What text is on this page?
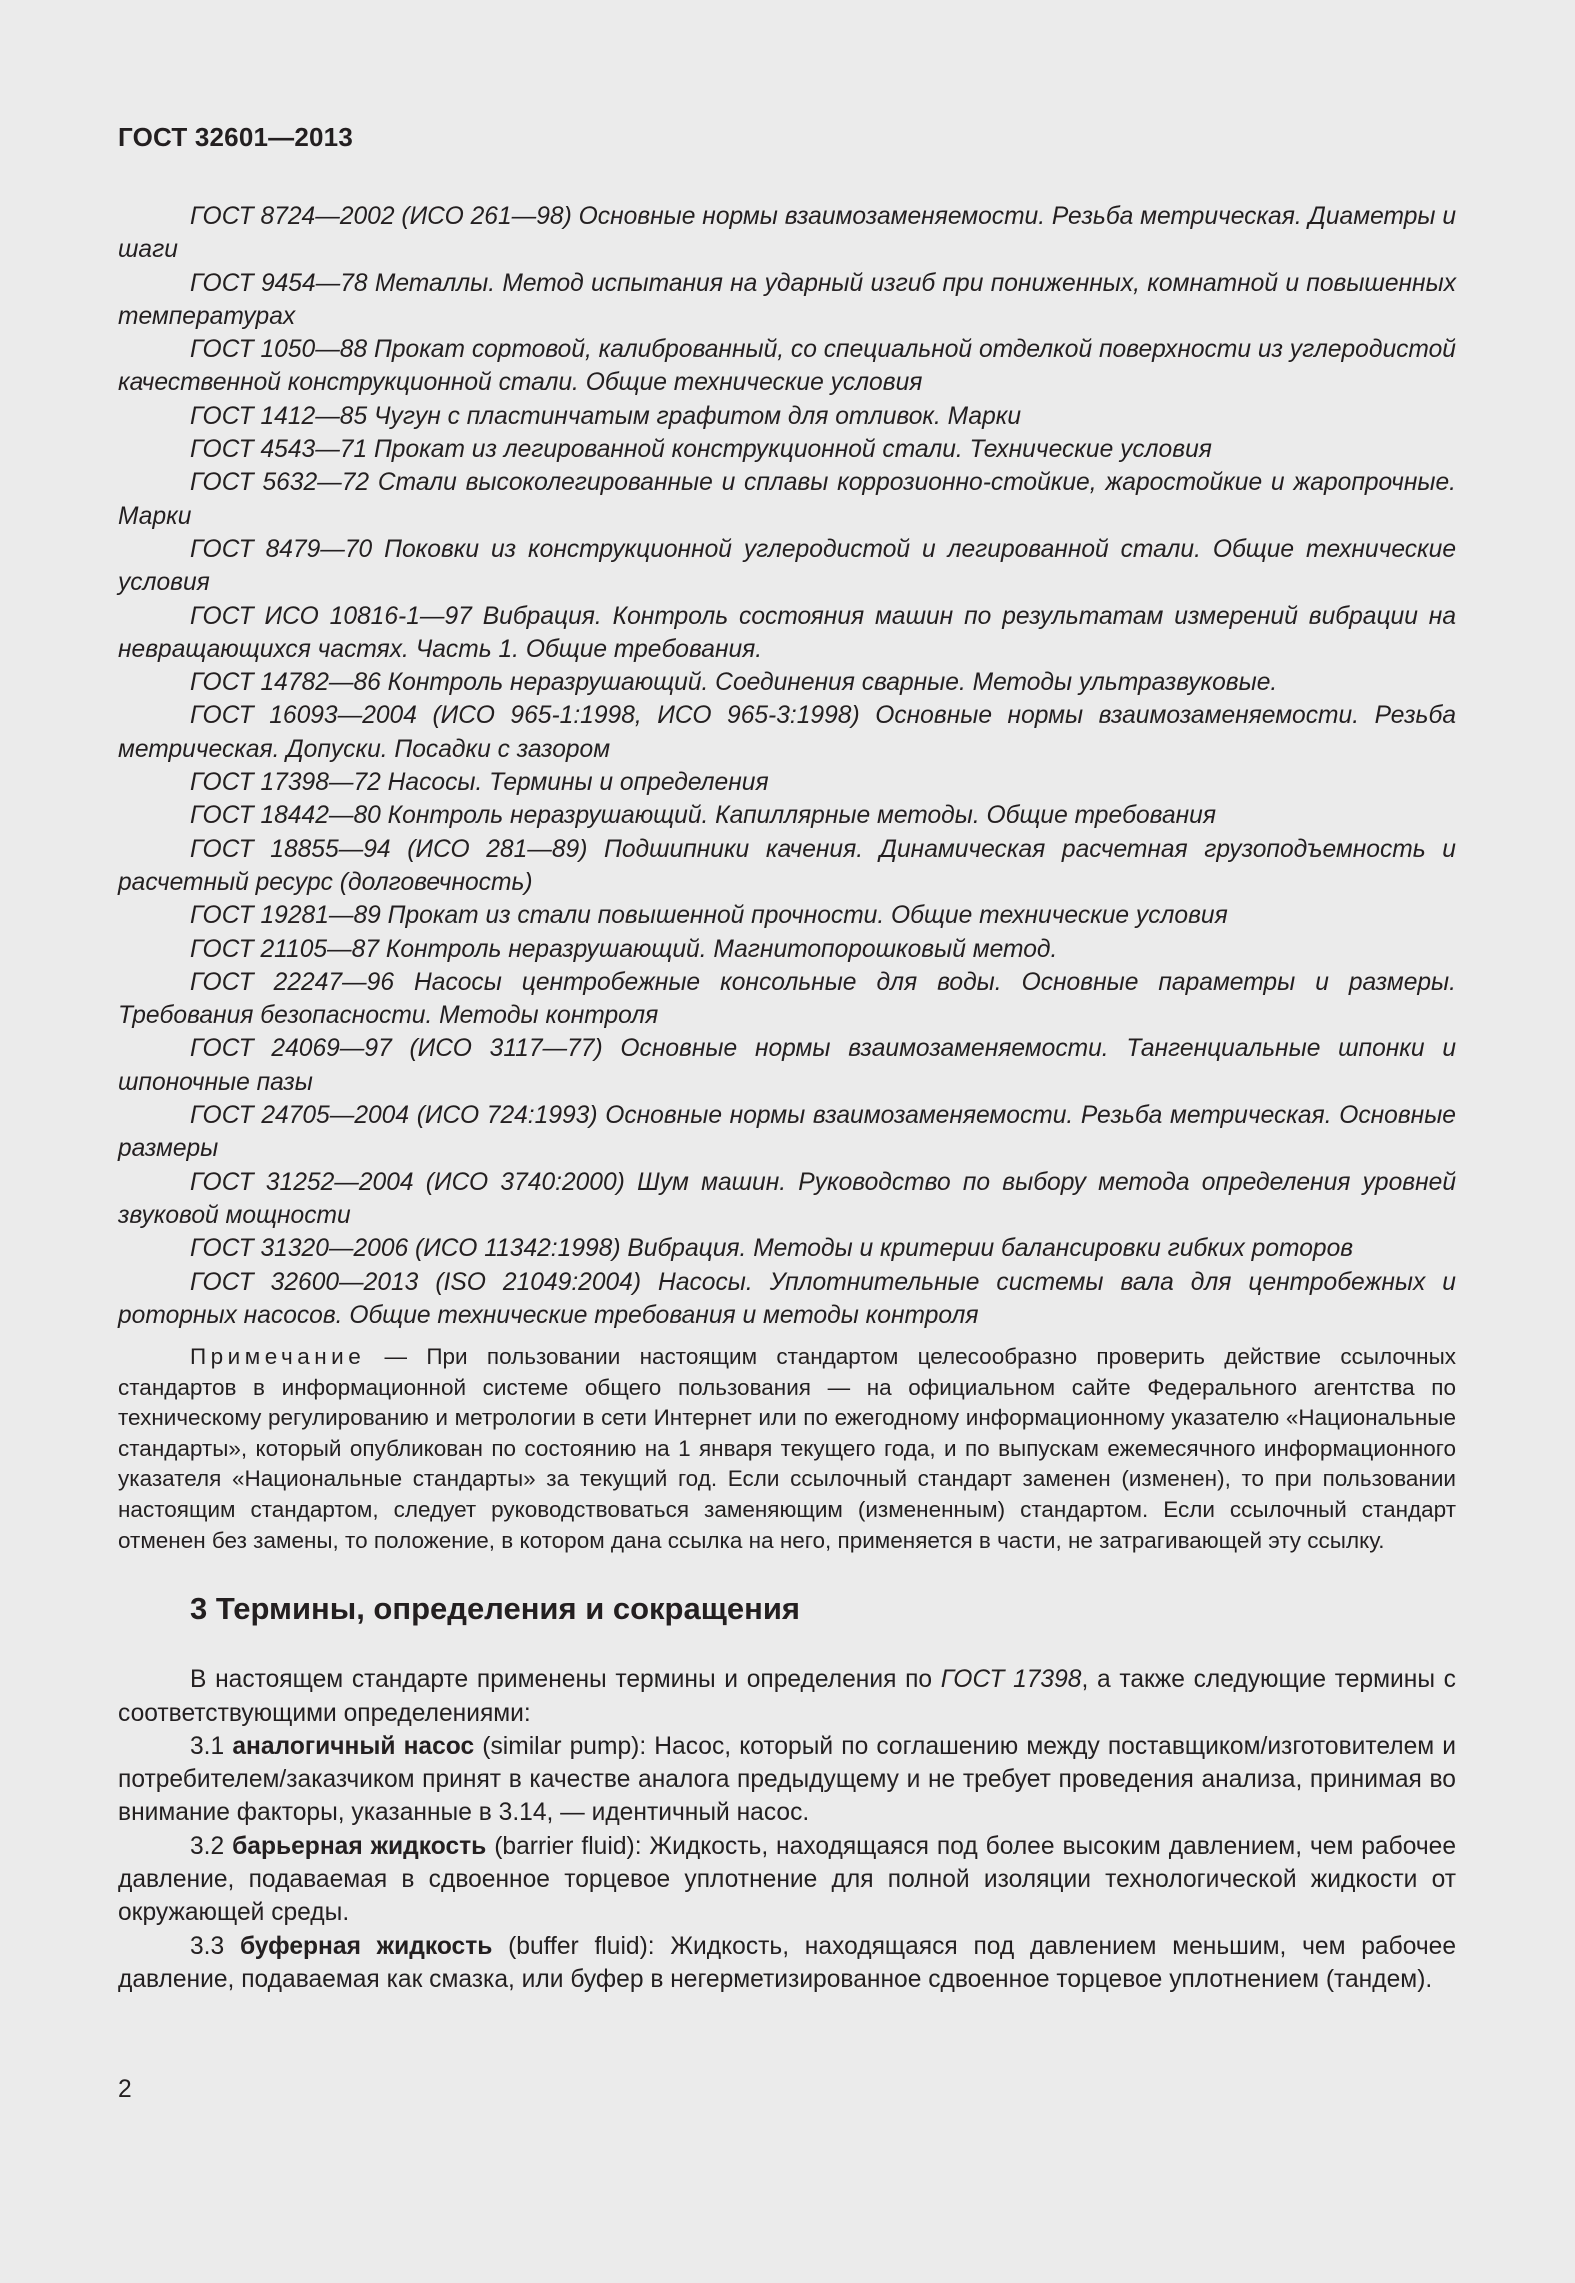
ГОСТ 32601—2013

ГОСТ 8724—2002 (ИСО 261—98) Основные нормы взаимозаменяемости. Резьба метрическая. Диаметры и шаги

ГОСТ 9454—78 Металлы. Метод испытания на ударный изгиб при пониженных, комнатной и повышенных температурах

ГОСТ 1050—88 Прокат сортовой, калиброванный, со специальной отделкой поверхности из углеродистой качественной конструкционной стали. Общие технические условия

ГОСТ 1412—85 Чугун с пластинчатым графитом для отливок. Марки

ГОСТ 4543—71 Прокат из легированной конструкционной стали. Технические условия

ГОСТ 5632—72 Стали высоколегированные и сплавы коррозионно-стойкие, жаростойкие и жаропрочные. Марки

ГОСТ 8479—70 Поковки из конструкционной углеродистой и легированной стали. Общие технические условия

ГОСТ ИСО 10816-1—97 Вибрация. Контроль состояния машин по результатам измерений вибрации на невращающихся частях. Часть 1. Общие требования.

ГОСТ 14782—86 Контроль неразрушающий. Соединения сварные. Методы ультразвуковые.

ГОСТ 16093—2004 (ИСО 965-1:1998, ИСО 965-3:1998) Основные нормы взаимозаменяемости. Резьба метрическая. Допуски. Посадки с зазором

ГОСТ 17398—72 Насосы. Термины и определения

ГОСТ 18442—80 Контроль неразрушающий. Капиллярные методы. Общие требования

ГОСТ 18855—94 (ИСО 281—89) Подшипники качения. Динамическая расчетная грузоподъемность и расчетный ресурс (долговечность)

ГОСТ 19281—89 Прокат из стали повышенной прочности. Общие технические условия

ГОСТ 21105—87 Контроль неразрушающий. Магнитопорошковый метод.

ГОСТ 22247—96 Насосы центробежные консольные для воды. Основные параметры и размеры. Требования безопасности. Методы контроля

ГОСТ 24069—97 (ИСО 3117—77) Основные нормы взаимозаменяемости. Тангенциальные шпонки и шпоночные пазы

ГОСТ 24705—2004 (ИСО 724:1993) Основные нормы взаимозаменяемости. Резьба метрическая. Основные размеры

ГОСТ 31252—2004 (ИСО 3740:2000) Шум машин. Руководство по выбору метода определения уровней звуковой мощности

ГОСТ 31320—2006 (ИСО 11342:1998) Вибрация. Методы и критерии балансировки гибких роторов

ГОСТ 32600—2013 (ISO 21049:2004) Насосы. Уплотнительные системы вала для центробежных и роторных насосов. Общие технические требования и методы контроля

Примечание — При пользовании настоящим стандартом целесообразно проверить действие ссылочных стандартов в информационной системе общего пользования — на официальном сайте Федерального агентства по техническому регулированию и метрологии в сети Интернет или по ежегодному информационному указателю «Национальные стандарты», который опубликован по состоянию на 1 января текущего года, и по выпускам ежемесячного информационного указателя «Национальные стандарты» за текущий год. Если ссылочный стандарт заменен (изменен), то при пользовании настоящим стандартом, следует руководствоваться заменяющим (измененным) стандартом. Если ссылочный стандарт отменен без замены, то положение, в котором дана ссылка на него, применяется в части, не затрагивающей эту ссылку.
3 Термины, определения и сокращения

В настоящем стандарте применены термины и определения по ГОСТ 17398, а также следующие термины с соответствующими определениями:

3.1 аналогичный насос (similar pump): Насос, который по соглашению между поставщиком/изготовителем и потребителем/заказчиком принят в качестве аналога предыдущему и не требует проведения анализа, принимая во внимание факторы, указанные в 3.14, — идентичный насос.

3.2 барьерная жидкость (barrier fluid): Жидкость, находящаяся под более высоким давлением, чем рабочее давление, подаваемая в сдвоенное торцевое уплотнение для полной изоляции технологической жидкости от окружающей среды.

3.3 буферная жидкость (buffer fluid): Жидкость, находящаяся под давлением меньшим, чем рабочее давление, подаваемая как смазка, или буфер в негерметизированное сдвоенное торцевое уплотнением (тандем).

2
